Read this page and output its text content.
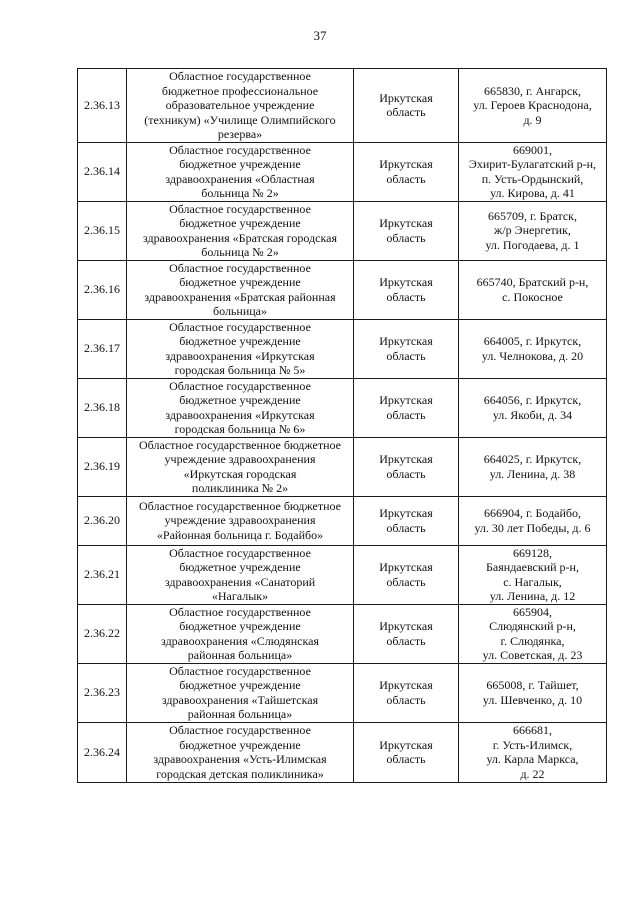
37
2.36.13	Областное государственное
бюджетное профессиональное
образовательное учреждение
(техникум) «Училище Олимпийского
резерва»	Иркутская
область	665830, г. Ангарск,
ул. Героев Краснодона,
д. 9

2.36.14	Областное государственное
бюджетное учреждение
здравоохранения «Областная
больница № 2»	Иркутская
область	669001,
Эхирит-Булагатский р-н,
п. Усть-Ордынский,
ул. Кирова, д. 41

2.36.15	Областное государственное
бюджетное учреждение
здравоохранения «Братская городская
больница № 2»	Иркутская
область	665709, г. Братск,
ж/р Энергетик,
ул. Погодаева, д. 1

2.36.16	Областное государственное
бюджетное учреждение
здравоохранения «Братская районная
больница»	Иркутская
область	665740, Братский р-н,
с. Покосное

2.36.17	Областное государственное
бюджетное учреждение
здравоохранения «Иркутская
городская больница № 5»	Иркутская
область	664005, г. Иркутск,
ул. Челнокова, д. 20

2.36.18	Областное государственное
бюджетное учреждение
здравоохранения «Иркутская
городская больница № 6»	Иркутская
область	664056, г. Иркутск,
ул. Якоби, д. 34

2.36.19	Областное государственное бюджетное
учреждение здравоохранения
«Иркутская городская
поликлиника № 2»	Иркутская
область	664025, г. Иркутск,
ул. Ленина, д. 38

2.36.20	Областное государственное бюджетное
учреждение здравоохранения
«Районная больница г. Бодайбо»	Иркутская
область	666904, г. Бодайбо,
ул. 30 лет Победы, д. 6

2.36.21	Областное государственное
бюджетное учреждение
здравоохранения «Санаторий
«Нагалык»	Иркутская
область	669128,
Баяндаевский р-н,
с. Нагалык,
ул. Ленина, д. 12

2.36.22	Областное государственное
бюджетное учреждение
здравоохранения «Слюдянская
районная больница»	Иркутская
область	665904,
Слюдянский р-н,
г. Слюдянка,
ул. Советская, д. 23

2.36.23	Областное государственное
бюджетное учреждение
здравоохранения «Тайшетская
районная больница»	Иркутская
область	665008, г. Тайшет,
ул. Шевченко, д. 10

2.36.24	Областное государственное
бюджетное учреждение
здравоохранения «Усть-Илимская
городская детская поликлиника»	Иркутская
область	666681,
г. Усть-Илимск,
ул. Карла Маркса,
д. 22
